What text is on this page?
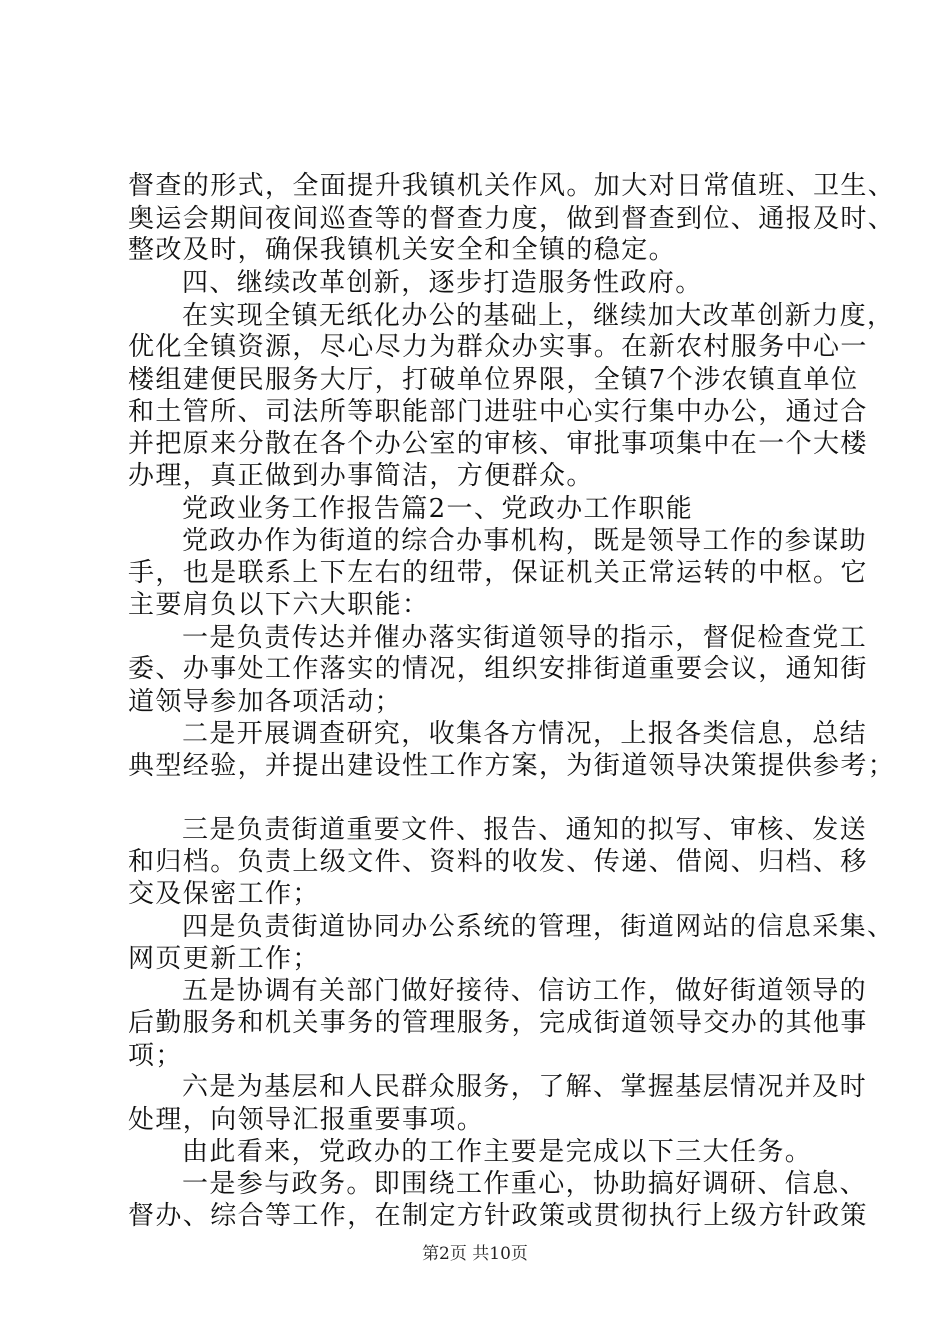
督查的形式，全面提升我镇机关作风。加大对日常值班、卫生、

奥运会期间夜间巡查等的督查力度，做到督查到位、通报及时、

整改及时，确保我镇机关安全和全镇的稳定。

四、继续改革创新，逐步打造服务性政府。

在实现全镇无纸化办公的基础上，继续加大改革创新力度，

优化全镇资源，尽心尽力为群众办实事。在新农村服务中心一

楼组建便民服务大厅，打破单位界限，全镇7个涉农镇直单位

和土管所、司法所等职能部门进驻中心实行集中办公，通过合

并把原来分散在各个办公室的审核、审批事项集中在一个大楼

办理，真正做到办事简洁，方便群众。

党政业务工作报告篇2一、党政办工作职能

党政办作为街道的综合办事机构，既是领导工作的参谋助

手，也是联系上下左右的纽带，保证机关正常运转的中枢。它

主要肩负以下六大职能：

一是负责传达并催办落实街道领导的指示，督促检查党工

委、办事处工作落实的情况，组织安排街道重要会议，通知街

道领导参加各项活动；

二是开展调查研究，收集各方情况，上报各类信息，总结

典型经验，并提出建设性工作方案，为街道领导决策提供参考；

三是负责街道重要文件、报告、通知的拟写、审核、发送

和归档。负责上级文件、资料的收发、传递、借阅、归档、移

交及保密工作；

四是负责街道协同办公系统的管理，街道网站的信息采集、

网页更新工作；

五是协调有关部门做好接待、信访工作，做好街道领导的

后勤服务和机关事务的管理服务，完成街道领导交办的其他事

项；

六是为基层和人民群众服务，了解、掌握基层情况并及时

处理，向领导汇报重要事项。

由此看来，党政办的工作主要是完成以下三大任务。

一是参与政务。即围绕工作重心，协助搞好调研、信息、

督办、综合等工作，在制定方针政策或贯彻执行上级方针政策

第2页 共10页
